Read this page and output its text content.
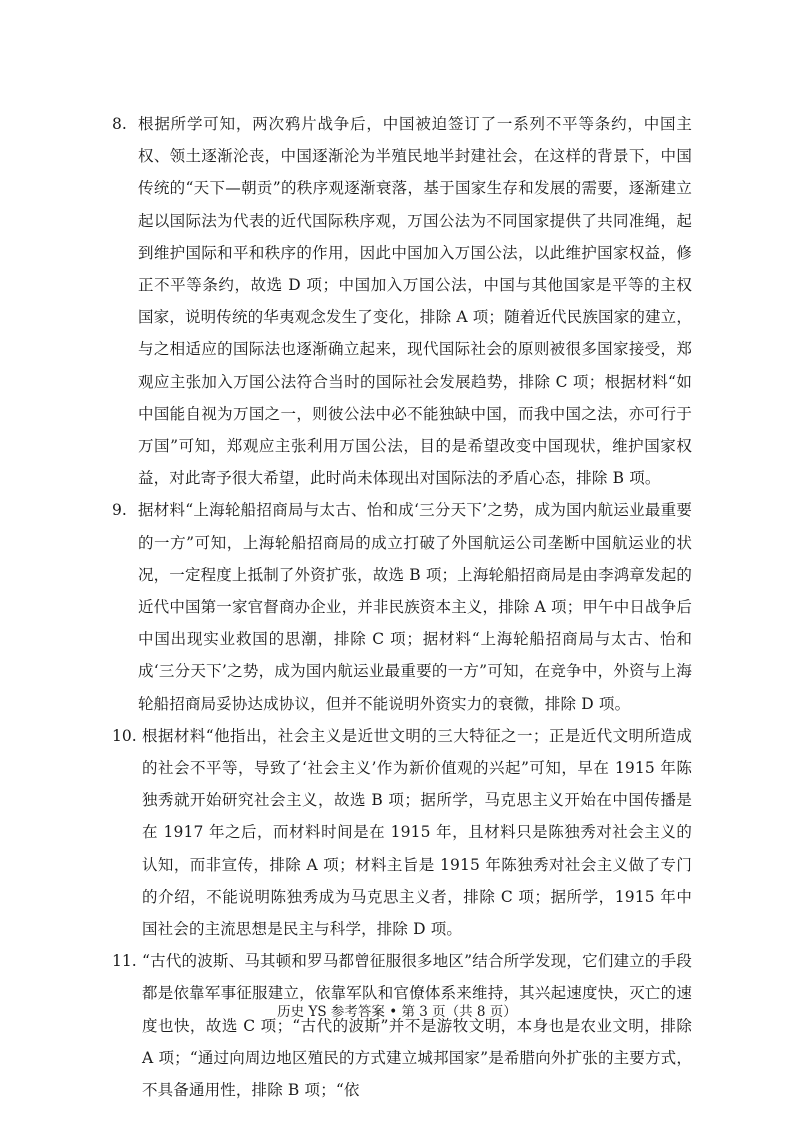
8. 根据所学可知，两次鸦片战争后，中国被迫签订了一系列不平等条约，中国主权、领土逐渐沦丧，中国逐渐沦为半殖民地半封建社会，在这样的背景下，中国传统的“天下—朝贡”的秩序观逐渐衰落，基于国家生存和发展的需要，逐渐建立起以国际法为代表的近代国际秩序观，万国公法为不同国家提供了共同准绳，起到维护国际和平和秩序的作用，因此中国加入万国公法，以此维护国家权益，修正不平等条约，故选 D 项；中国加入万国公法，中国与其他国家是平等的主权国家，说明传统的华夷观念发生了变化，排除 A 项；随着近代民族国家的建立，与之相适应的国际法也逐渐确立起来，现代国际社会的原则被很多国家接受，郑观应主张加入万国公法符合当时的国际社会发展趋势，排除 C 项；根据材料“如中国能自视为万国之一，则彼公法中必不能独缺中国，而我中国之法，亦可行于万国”可知，郑观应主张利用万国公法，目的是希望改变中国现状，维护国家权益，对此寄予很大希望，此时尚未体现出对国际法的矛盾心态，排除 B 项。
9. 据材料“上海轮船招商局与太古、怡和成‘三分天下’之势，成为国内航运业最重要的一方”可知，上海轮船招商局的成立打破了外国航运公司垄断中国航运业的状况，一定程度上抵制了外资扩张，故选 B 项；上海轮船招商局是由李鸿章发起的近代中国第一家官督商办企业，并非民族资本主义，排除 A 项；甲午中日战争后中国出现实业救国的思潮，排除 C 项；据材料“上海轮船招商局与太古、怡和成‘三分天下’之势，成为国内航运业最重要的一方”可知，在竞争中，外资与上海轮船招商局妥协达成协议，但并不能说明外资实力的衰微，排除 D 项。
10. 根据材料“他指出，社会主义是近世文明的三大特征之一；正是近代文明所造成的社会不平等，导致了‘社会主义’作为新价值观的兴起”可知，早在 1915 年陈独秀就开始研究社会主义，故选 B 项；据所学，马克思主义开始在中国传播是在 1917 年之后，而材料时间是在 1915 年，且材料只是陈独秀对社会主义的认知，而非宣传，排除 A 项；材料主旨是 1915 年陈独秀对社会主义做了专门的介绍，不能说明陈独秀成为马克思主义者，排除 C 项；据所学，1915 年中国社会的主流思想是民主与科学，排除 D 项。
11. “古代的波斯、马其顿和罗马都曾征服很多地区”结合所学发现，它们建立的手段都是依靠军事征服建立，依靠军队和官僚体系来维持，其兴起速度快，灭亡的速度也快，故选 C 项；“古代的波斯”并不是游牧文明，本身也是农业文明，排除 A 项；“通过向周边地区殖民的方式建立城邦国家”是希腊向外扩张的主要方式，不具备通用性，排除 B 项；“依
历史 YS 参考答案 • 第 3 页（共 8 页）
